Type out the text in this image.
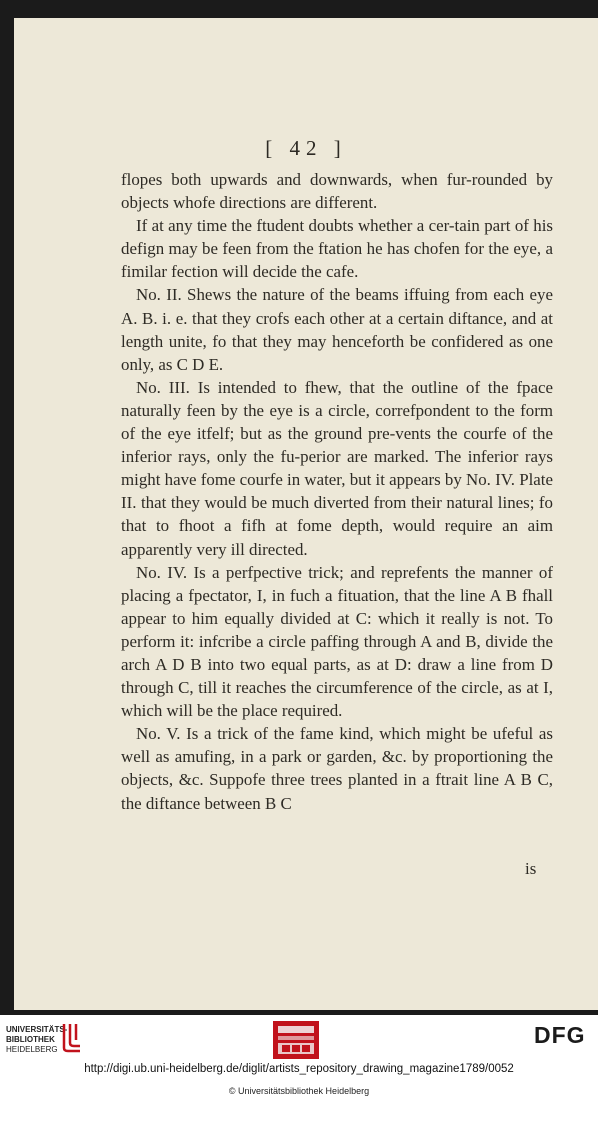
[ 42 ]

flopes both upwards and downwards, when fur-rounded by objects whofe directions are different.

If at any time the ftudent doubts whether a cer-tain part of his defign may be feen from the ftation he has chofen for the eye, a fimilar fection will decide the cafe.

No. II. Shews the nature of the beams iffuing from each eye A. B. i. e. that they crofs each other at a certain diftance, and at length unite, fo that they may henceforth be confidered as one only, as C D E.

No. III. Is intended to fhew, that the outline of the fpace naturally feen by the eye is a circle, correfpondent to the form of the eye itfelf; but as the ground pre-vents the courfe of the inferior rays, only the fu-perior are marked. The inferior rays might have fome courfe in water, but it appears by No. IV. Plate II. that they would be much diverted from their natural lines; fo that to fhoot a fifh at fome depth, would require an aim apparently very ill directed.

No. IV. Is a perfpective trick; and reprefents the manner of placing a fpectator, I, in fuch a fituation, that the line A B fhall appear to him equally divided at C: which it really is not. To perform it: infcribe a circle paffing through A and B, divide the arch A D B into two equal parts, as at D: draw a line from D through C, till it reaches the circumference of the circle, as at I, which will be the place required.

No. V. Is a trick of the fame kind, which might be ufeful as well as amufing, in a park or garden, &c. by proportioning the objects, &c. Suppofe three trees planted in a ftrait line A B C, the diftance between B C

is

UNIVERSITÄTS-
BIBLIOTHEK
HEIDELBERG
DFG
http://digi.ub.uni-heidelberg.de/diglit/artists_repository_drawing_magazine1789/0052
© Universitätsbibliothek Heidelberg
